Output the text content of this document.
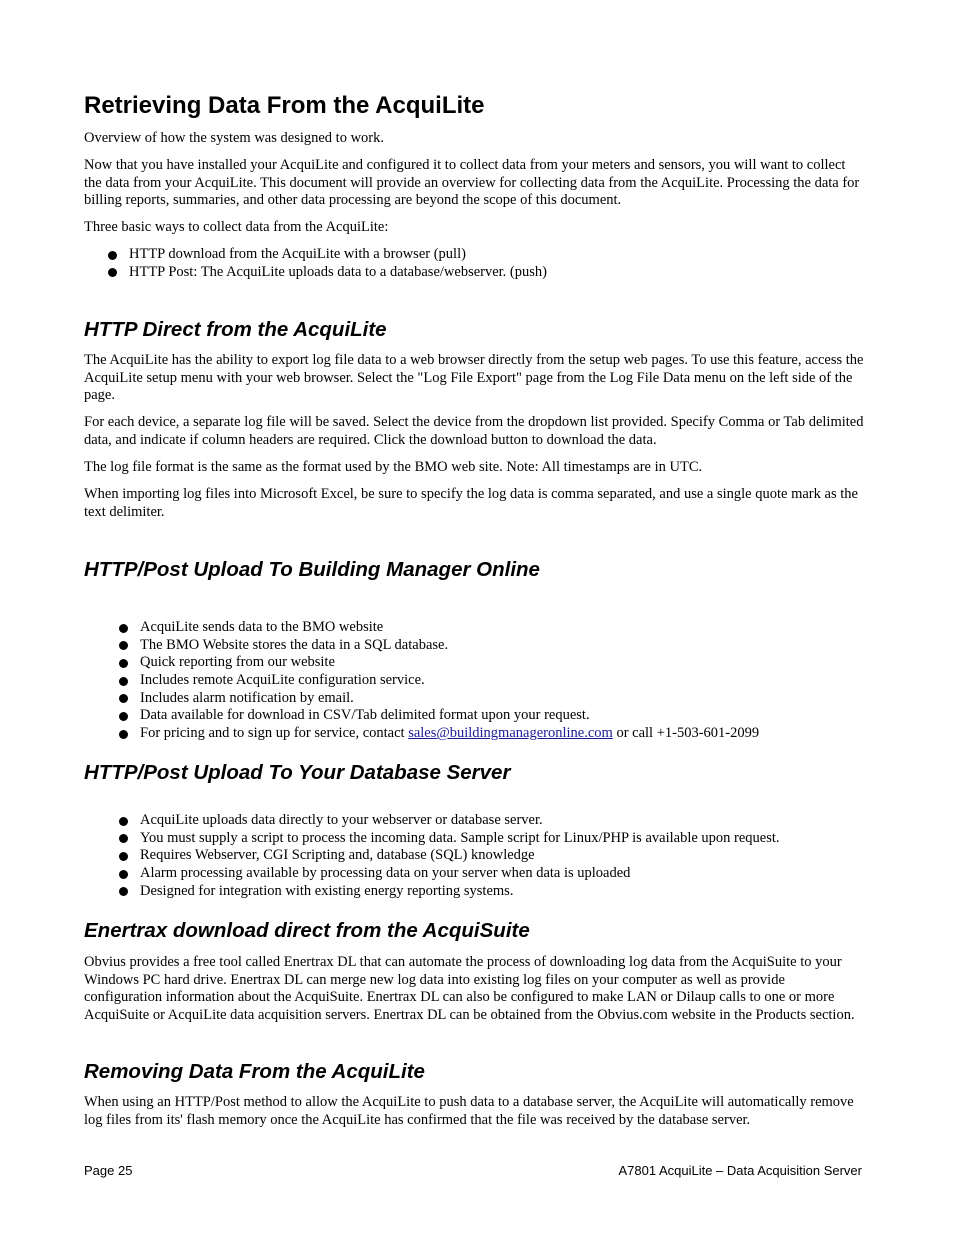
Retrieving Data From the AcquiLite

Overview of how the system was designed to work.

Now that you have installed your AcquiLite and configured it to collect data from your meters and sensors, you will want to collect the data from your AcquiLite. This document will provide an overview for collecting data from the AcquiLite. Processing the data for billing reports, summaries, and other data processing are beyond the scope of this document.

Three basic ways to collect data from the AcquiLite:

HTTP download from the AcquiLite with a browser (pull)
HTTP Post: The AcquiLite uploads data to a database/webserver. (push)
HTTP Direct from the AcquiLite

The AcquiLite has the ability to export log file data to a web browser directly from the setup web pages. To use this feature, access the AcquiLite setup menu with your web browser. Select the "Log File Export" page from the Log File Data menu on the left side of the page.

For each device, a separate log file will be saved. Select the device from the dropdown list provided. Specify Comma or Tab delimited data, and indicate if column headers are required. Click the download button to download the data.

The log file format is the same as the format used by the BMO web site. Note: All timestamps are in UTC.

When importing log files into Microsoft Excel, be sure to specify the log data is comma separated, and use a single quote mark as the text delimiter.

HTTP/Post Upload To Building Manager Online
AcquiLite sends data to the BMO website
The BMO Website stores the data in a SQL database.
Quick reporting from our website
Includes remote AcquiLite configuration service.
Includes alarm notification by email.
Data available for download in CSV/Tab delimited format upon your request.
For pricing and to sign up for service, contact sales@buildingmanageronline.com or call +1-503-601-2099
HTTP/Post Upload To Your Database Server
AcquiLite uploads data directly to your webserver or database server.
You must supply a script to process the incoming data. Sample script for Linux/PHP is available upon request.
Requires Webserver, CGI Scripting and, database (SQL) knowledge
Alarm processing available by processing data on your server when data is uploaded
Designed for integration with existing energy reporting systems.
Enertrax download direct from the AcquiSuite

Obvius provides a free tool called Enertrax DL that can automate the process of downloading log data from the AcquiSuite to your Windows PC hard drive. Enertrax DL can merge new log data into existing log files on your computer as well as provide configuration information about the AcquiSuite. Enertrax DL can also be configured to make LAN or Dilaup calls to one or more AcquiSuite or AcquiLite data acquisition servers. Enertrax DL can be obtained from the Obvius.com website in the Products section.

Removing Data From the AcquiLite

When using an HTTP/Post method to allow the AcquiLite to push data to a database server, the AcquiLite will automatically remove log files from its' flash memory once the AcquiLite has confirmed that the file was received by the database server.

Page 25	A7801 AcquiLite – Data Acquisition Server
